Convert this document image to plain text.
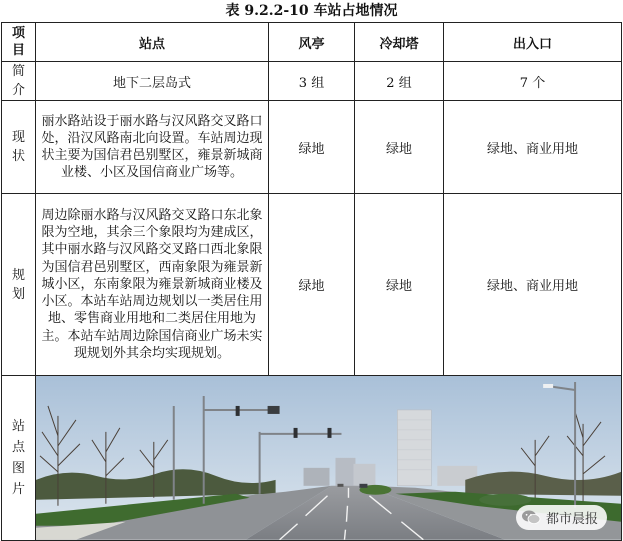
表 9.2.2-10 车站占地情况
项目	站点	风亭	冷却塔	出入口
简介	地下二层岛式	3 组	2 组	7 个
现状	丽水路站设于丽水路与汉风路交叉路口处，沿汉风路南北向设置。车站周边现状主要为国信君邑别墅区，雍景新城商业楼、小区及国信商业广场等。	绿地	绿地	绿地、商业用地
规划	周边除丽水路与汉风路交叉路口东北象限为空地，其余三个象限均为建成区，其中丽水路与汉风路交叉路口西北象限为国信君邑别墅区，西南象限为雍景新城小区，东南象限为雍景新城商业楼及小区。本站车站周边规划以一类居住用地、零售商业用地和二类居住用地为主。本站车站周边除国信商业广场未实现规划外其余均实现规划。	绿地	绿地	绿地、商业用地
站点图片	都市晨报			
